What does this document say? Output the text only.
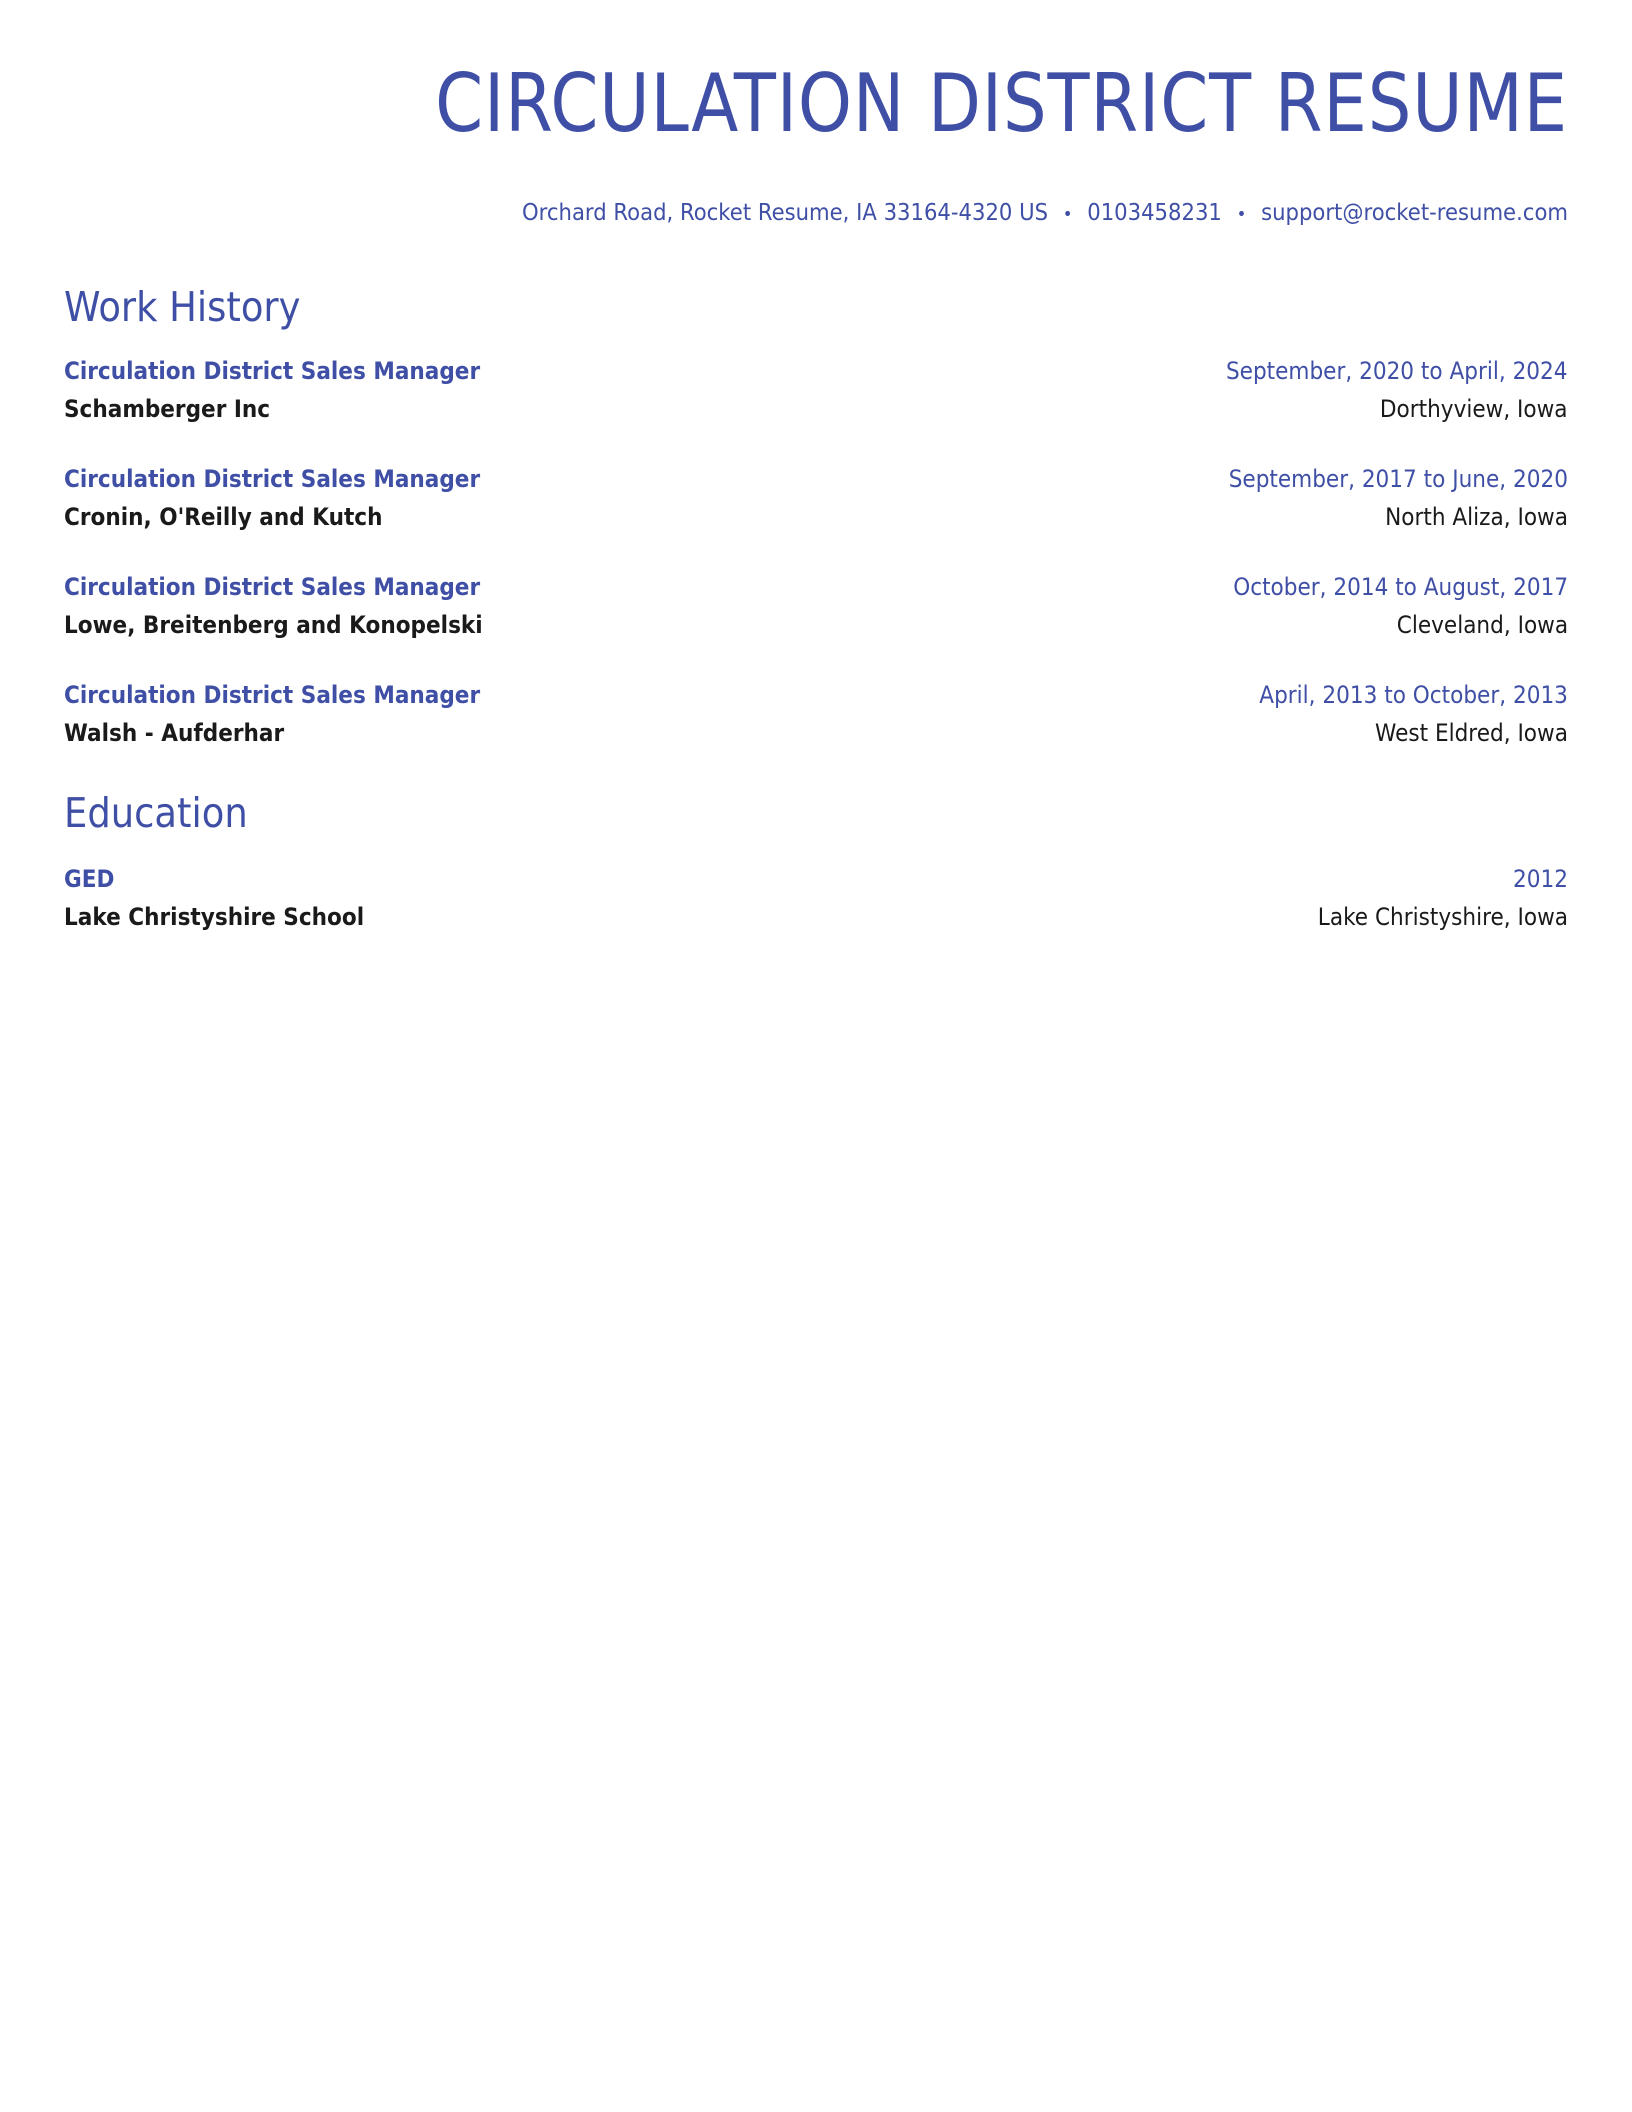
CIRCULATION DISTRICT RESUME
Orchard Road, Rocket Resume, IA 33164-4320 US • 0103458231 • support@rocket-resume.com
Work History
Circulation District Sales Manager	September, 2020 to April, 2024
Schamberger Inc	Dorthyview, Iowa
Circulation District Sales Manager	September, 2017 to June, 2020
Cronin, O'Reilly and Kutch	North Aliza, Iowa
Circulation District Sales Manager	October, 2014 to August, 2017
Lowe, Breitenberg and Konopelski	Cleveland, Iowa
Circulation District Sales Manager	April, 2013 to October, 2013
Walsh - Aufderhar	West Eldred, Iowa
Education
GED	2012
Lake Christyshire School	Lake Christyshire, Iowa
